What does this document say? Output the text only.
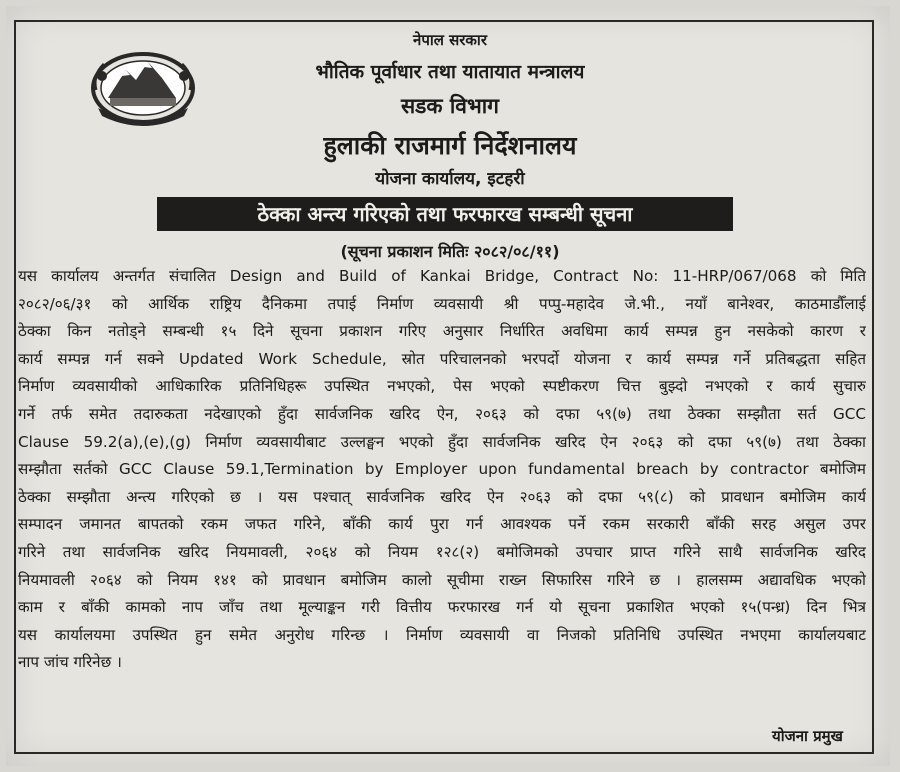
नेपाल सरकार
भौतिक पूर्वाधार तथा यातायात मन्त्रालय
सडक विभाग
हुलाकी राजमार्ग निर्देशनालय
योजना कार्यालय, इटहरी
ठेक्का अन्त्य गरिएको तथा फरफारख सम्बन्धी सूचना
(सूचना प्रकाशन मितिः २०८२/०८/११)
यस कार्यालय अन्तर्गत संचालित Design and Build of Kankai Bridge, Contract No: 11-HRP/067/068 को मिति
२०८२/०६/३१ को आर्थिक राष्ट्रिय दैनिकमा तपाई निर्माण व्यवसायी श्री पप्पु-महादेव जे.भी., नयाँ बानेश्वर, काठमाडौँलाई
ठेक्का किन नतोड्ने सम्बन्धी १५ दिने सूचना प्रकाशन गरिए अनुसार निर्धारित अवधिमा कार्य सम्पन्न हुन नसकेको कारण र
कार्य सम्पन्न गर्न सक्ने Updated Work Schedule, स्रोत परिचालनको भरपर्दो योजना र कार्य सम्पन्न गर्ने प्रतिबद्धता सहित
निर्माण व्यवसायीको आधिकारिक प्रतिनिधिहरू उपस्थित नभएको, पेस भएको स्पष्टीकरण चित्त बुझ्दो नभएको र कार्य सुचारु
गर्ने तर्फ समेत तदारुकता नदेखाएको हुँदा सार्वजनिक खरिद ऐन, २०६३ को दफा ५९(७) तथा ठेक्का सम्झौता सर्त GCC
Clause 59.2(a),(e),(g) निर्माण व्यवसायीबाट उल्लङ्घन भएको हुँदा सार्वजनिक खरिद ऐन २०६३ को दफा ५९(७) तथा ठेक्का
सम्झौता सर्तको GCC Clause 59.1,Termination by Employer upon fundamental breach by contractor बमोजिम
ठेक्का सम्झौता अन्त्य गरिएको छ । यस पश्चात् सार्वजनिक खरिद ऐन २०६३ को दफा ५९(८) को प्रावधान बमोजिम कार्य
सम्पादन जमानत बापतको रकम जफत गरिने, बाँकी कार्य पुरा गर्न आवश्यक पर्ने रकम सरकारी बाँकी सरह असुल उपर
गरिने तथा सार्वजनिक खरिद नियमावली, २०६४ को नियम १२८(२) बमोजिमको उपचार प्राप्त गरिने साथै सार्वजनिक खरिद
नियमावली २०६४ को नियम १४१ को प्रावधान बमोजिम कालो सूचीमा राख्न सिफारिस गरिने छ । हालसम्म अद्यावधिक भएको
काम र बाँकी कामको नाप जाँच तथा मूल्याङ्कन गरी वित्तीय फरफारख गर्न यो सूचना प्रकाशित भएको १५(पन्ध्र) दिन भित्र
यस कार्यालयमा उपस्थित हुन समेत अनुरोध गरिन्छ । निर्माण व्यवसायी वा निजको प्रतिनिधि उपस्थित नभएमा कार्यालयबाट
नाप जांच गरिनेछ ।
योजना प्रमुख
